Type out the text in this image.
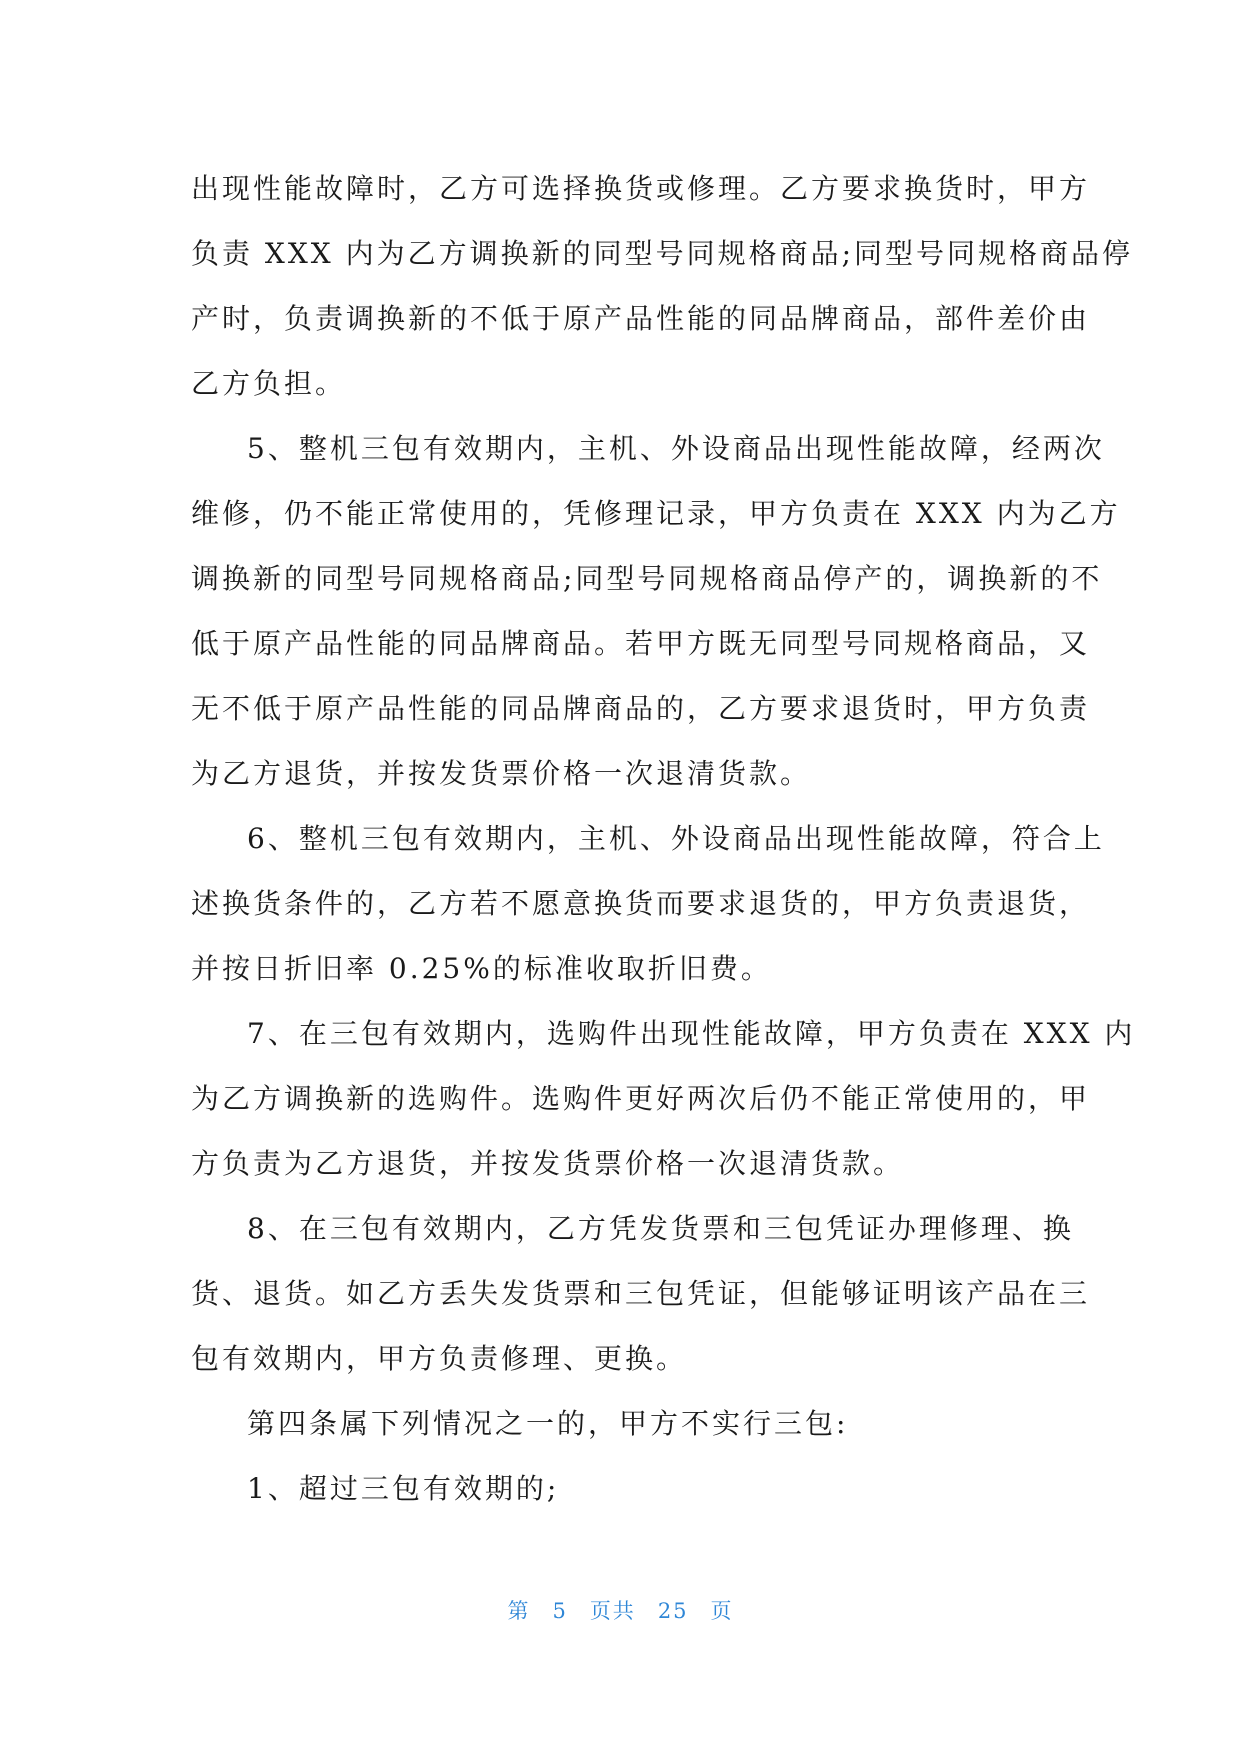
出现性能故障时，乙方可选择换货或修理。乙方要求换货时，甲方
负责 XXX 内为乙方调换新的同型号同规格商品;同型号同规格商品停
产时，负责调换新的不低于原产品性能的同品牌商品，部件差价由
乙方负担。

5、整机三包有效期内，主机、外设商品出现性能故障，经两次
维修，仍不能正常使用的，凭修理记录，甲方负责在 XXX 内为乙方
调换新的同型号同规格商品;同型号同规格商品停产的，调换新的不
低于原产品性能的同品牌商品。若甲方既无同型号同规格商品，又
无不低于原产品性能的同品牌商品的，乙方要求退货时，甲方负责
为乙方退货，并按发货票价格一次退清货款。

6、整机三包有效期内，主机、外设商品出现性能故障，符合上
述换货条件的，乙方若不愿意换货而要求退货的，甲方负责退货，
并按日折旧率 0.25%的标准收取折旧费。

7、在三包有效期内，选购件出现性能故障，甲方负责在 XXX 内
为乙方调换新的选购件。选购件更好两次后仍不能正常使用的，甲
方负责为乙方退货，并按发货票价格一次退清货款。

8、在三包有效期内，乙方凭发货票和三包凭证办理修理、换
货、退货。如乙方丢失发货票和三包凭证，但能够证明该产品在三
包有效期内，甲方负责修理、更换。

第四条属下列情况之一的，甲方不实行三包:

1、超过三包有效期的;

第 5 页共 25 页
